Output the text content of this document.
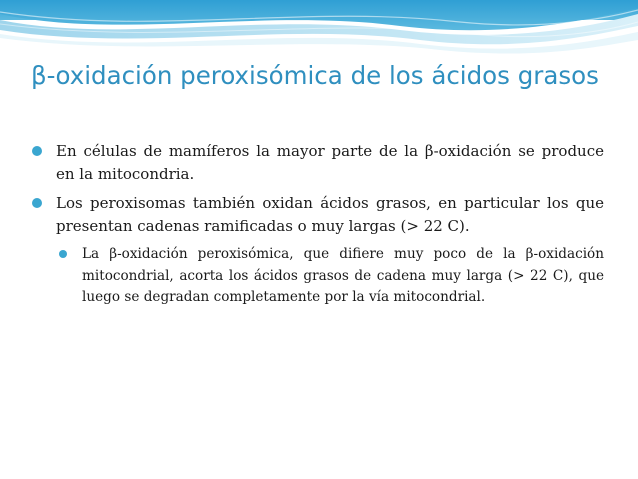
β-oxidación peroxisómica de los ácidos grasos

En células de mamíferos la mayor parte de la β-oxidación se produce en la mitocondria.

Los peroxisomas también oxidan ácidos grasos, en particular los que presentan cadenas ramificadas o muy largas (> 22 C).

La β-oxidación peroxisómica, que difiere muy poco de la β-oxidación mitocondrial, acorta los ácidos grasos de cadena muy larga (> 22 C), que luego se degradan completamente por la vía mitocondrial.
